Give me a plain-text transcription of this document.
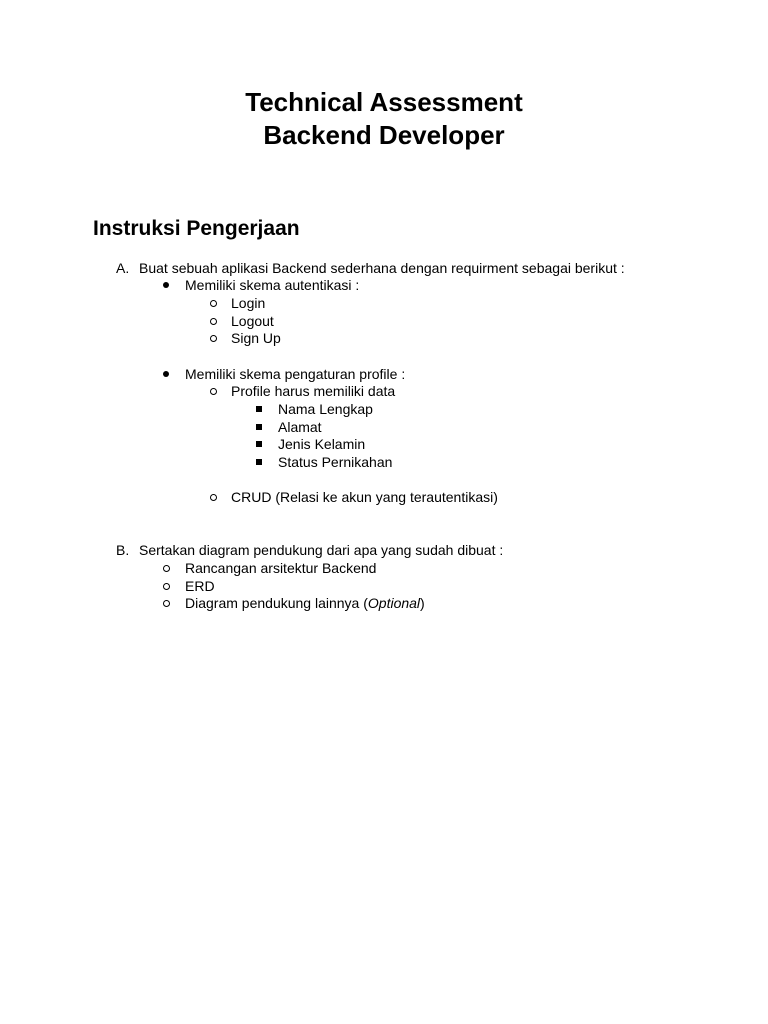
Technical Assessment
Backend Developer
Instruksi Pengerjaan
A. Buat sebuah aplikasi Backend sederhana dengan requirment sebagai berikut :
Memiliki skema autentikasi :
Login
Logout
Sign Up
Memiliki skema pengaturan profile :
Profile harus memiliki data
Nama Lengkap
Alamat
Jenis Kelamin
Status Pernikahan
CRUD (Relasi ke akun yang terautentikasi)
B. Sertakan diagram pendukung dari apa yang sudah dibuat :
Rancangan arsitektur Backend
ERD
Diagram pendukung lainnya (Optional)
